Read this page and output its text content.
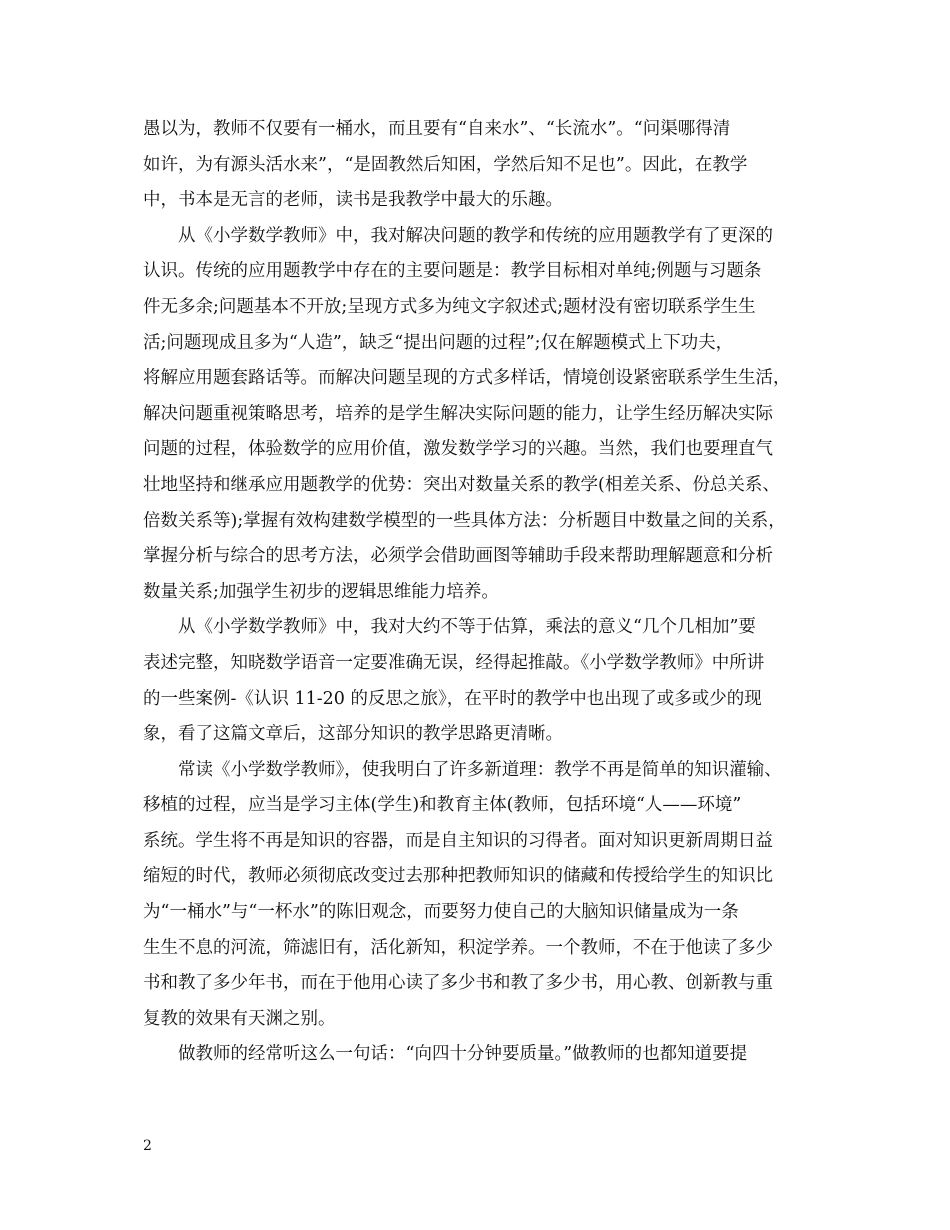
愚以为，教师不仅要有一桶水，而且要有“自来水”、“长流水”。“问渠哪得清
如许，为有源头活水来”，“是固教然后知困，学然后知不足也”。因此，在教学
中，书本是无言的老师，读书是我教学中最大的乐趣。
从《小学数学教师》中，我对解决问题的教学和传统的应用题教学有了更深的
认识。传统的应用题教学中存在的主要问题是：教学目标相对单纯;例题与习题条
件无多余;问题基本不开放;呈现方式多为纯文字叙述式;题材没有密切联系学生生
活;问题现成且多为“人造”，缺乏“提出问题的过程”;仅在解题模式上下功夫，
将解应用题套路话等。而解决问题呈现的方式多样话，情境创设紧密联系学生生活，
解决问题重视策略思考，培养的是学生解决实际问题的能力，让学生经历解决实际
问题的过程，体验数学的应用价值，激发数学学习的兴趣。当然，我们也要理直气
壮地坚持和继承应用题教学的优势：突出对数量关系的教学(相差关系、份总关系、
倍数关系等);掌握有效构建数学模型的一些具体方法：分析题目中数量之间的关系，
掌握分析与综合的思考方法，必须学会借助画图等辅助手段来帮助理解题意和分析
数量关系;加强学生初步的逻辑思维能力培养。
从《小学数学教师》中，我对大约不等于估算，乘法的意义“几个几相加”要
表述完整，知晓数学语音一定要准确无误，经得起推敲。《小学数学教师》中所讲
的一些案例-《认识 11-20 的反思之旅》，在平时的教学中也出现了或多或少的现
象，看了这篇文章后，这部分知识的教学思路更清晰。
常读《小学数学教师》，使我明白了许多新道理：教学不再是简单的知识灌输、
移植的过程，应当是学习主体(学生)和教育主体(教师，包括环境“人——环境”
系统。学生将不再是知识的容器，而是自主知识的习得者。面对知识更新周期日益
缩短的时代，教师必须彻底改变过去那种把教师知识的储藏和传授给学生的知识比
为“一桶水”与“一杯水”的陈旧观念，而要努力使自己的大脑知识储量成为一条
生生不息的河流，筛滤旧有，活化新知，积淀学养。一个教师，不在于他读了多少
书和教了多少年书，而在于他用心读了多少书和教了多少书，用心教、创新教与重
复教的效果有天渊之别。
做教师的经常听这么一句话：“向四十分钟要质量。”做教师的也都知道要提
2
